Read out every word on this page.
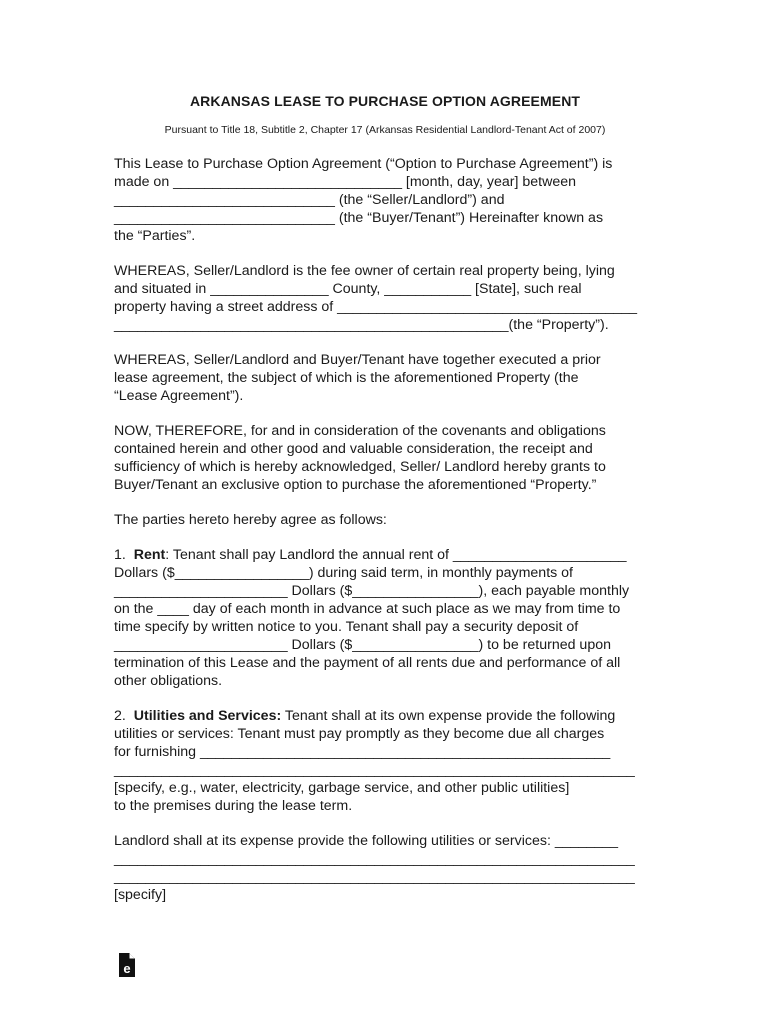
ARKANSAS LEASE TO PURCHASE OPTION AGREEMENT
Pursuant to Title 18, Subtitle 2, Chapter 17 (Arkansas Residential Landlord-Tenant Act of 2007)

This Lease to Purchase Option Agreement (“Option to Purchase Agreement”) is
made on _____________________________ [month, day, year] between
____________________________ (the “Seller/Landlord”) and
____________________________ (the “Buyer/Tenant”) Hereinafter known as
the “Parties”.

WHEREAS, Seller/Landlord is the fee owner of certain real property being, lying
and situated in _______________ County, ___________ [State], such real
property having a street address of ______________________________________
__________________________________________________(the “Property”).

WHEREAS, Seller/Landlord and Buyer/Tenant have together executed a prior
lease agreement, the subject of which is the aforementioned Property (the
“Lease Agreement”).

NOW, THEREFORE, for and in consideration of the covenants and obligations
contained herein and other good and valuable consideration, the receipt and
sufficiency of which is hereby acknowledged, Seller/ Landlord hereby grants to
Buyer/Tenant an exclusive option to purchase the aforementioned “Property.”

The parties hereto hereby agree as follows:

1. Rent: Tenant shall pay Landlord the annual rent of ______________________
Dollars ($_________________) during said term, in monthly payments of
______________________ Dollars ($________________), each payable monthly
on the ____ day of each month in advance at such place as we may from time to
time specify by written notice to you. Tenant shall pay a security deposit of
______________________ Dollars ($________________) to be returned upon
termination of this Lease and the payment of all rents due and performance of all
other obligations.

2. Utilities and Services: Tenant shall at its own expense provide the following
utilities or services: Tenant must pay promptly as they become due all charges
for furnishing ____________________________________________________
__________________________________________________________________
[specify, e.g., water, electricity, garbage service, and other public utilities]
to the premises during the lease term.

Landlord shall at its expense provide the following utilities or services: ________
__________________________________________________________________
__________________________________________________________________
[specify]

e
